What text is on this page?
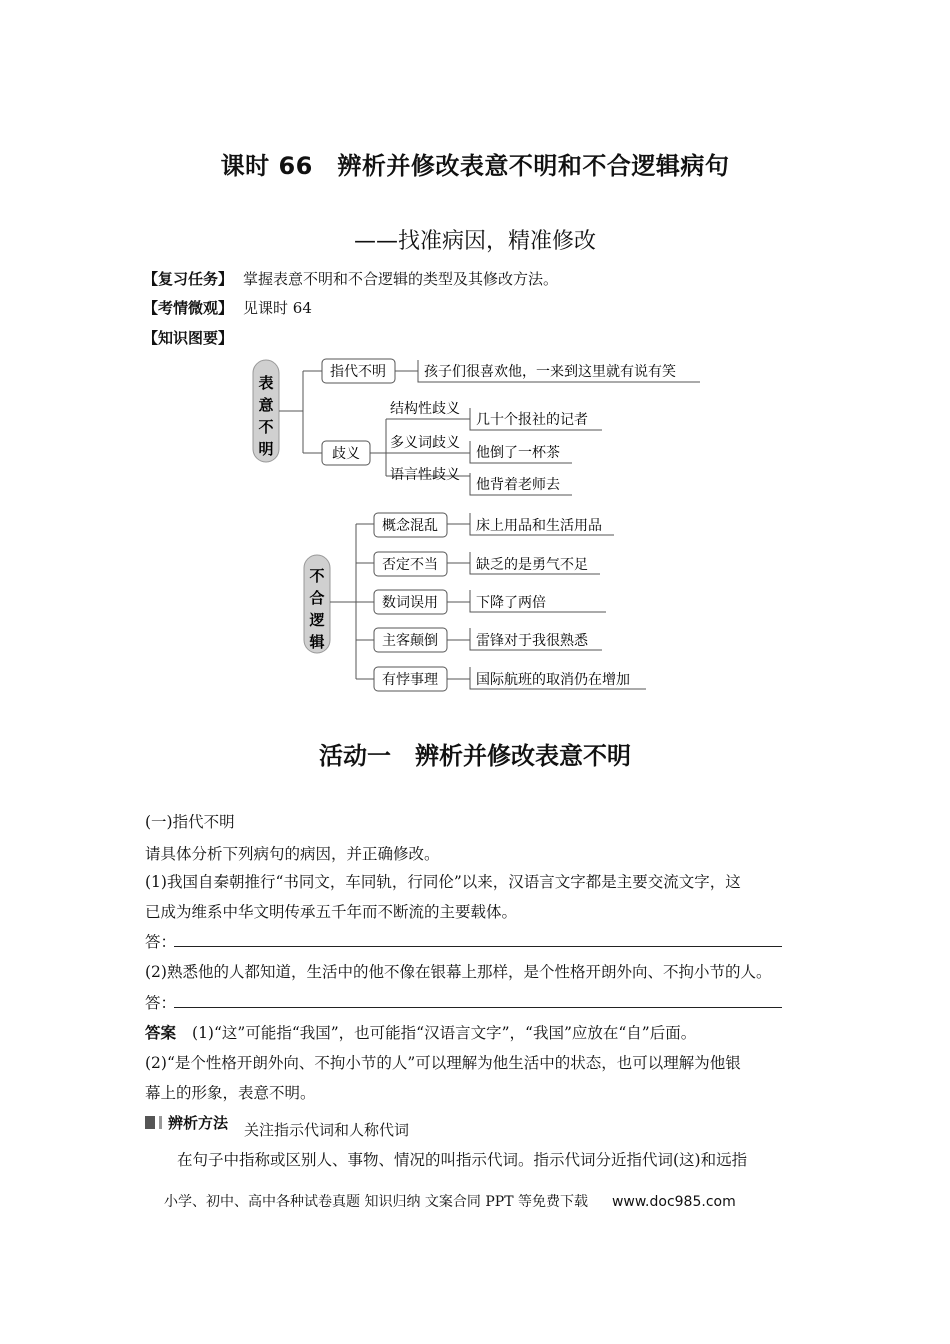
课时 66　辨析并修改表意不明和不合逻辑病句
——找准病因，精准修改
【复习任务】 掌握表意不明和不合逻辑的类型及其修改方法。
【考情微观】 见课时 64
【知识图要】
表
意
不
明
指代不明	孩子们很喜欢他，一来到这里就有说有笑
歧义
结构性歧义
多义词歧义
语言性歧义
几十个报社的记者
他倒了一杯茶
他背着老师去
不
合
逻
辑
概念混乱
否定不当
数词误用
主客颠倒
有悖事理
床上用品和生活用品
缺乏的是勇气不足
下降了两倍
雷锋对于我很熟悉
国际航班的取消仍在增加
活动一　辨析并修改表意不明
(一)指代不明
请具体分析下列病句的病因，并正确修改。
(1)我国自秦朝推行“书同文，车同轨，行同伦”以来，汉语言文字都是主要交流文字，这
已成为维系中华文明传承五千年而不断流的主要载体。
答：
(2)熟悉他的人都知道，生活中的他不像在银幕上那样，是个性格开朗外向、不拘小节的人。
答：
答案 (1)“这”可能指“我国”，也可能指“汉语言文字”，“我国”应放在“自”后面。
(2)“是个性格开朗外向、不拘小节的人”可以理解为他生活中的状态，也可以理解为他银
幕上的形象，表意不明。
辨析方法 关注指示代词和人称代词
在句子中指称或区别人、事物、情况的叫指示代词。指示代词分近指代词(这)和远指
小学、初中、高中各种试卷真题 知识归纳 文案合同 PPT 等免费下载 www.doc985.com
